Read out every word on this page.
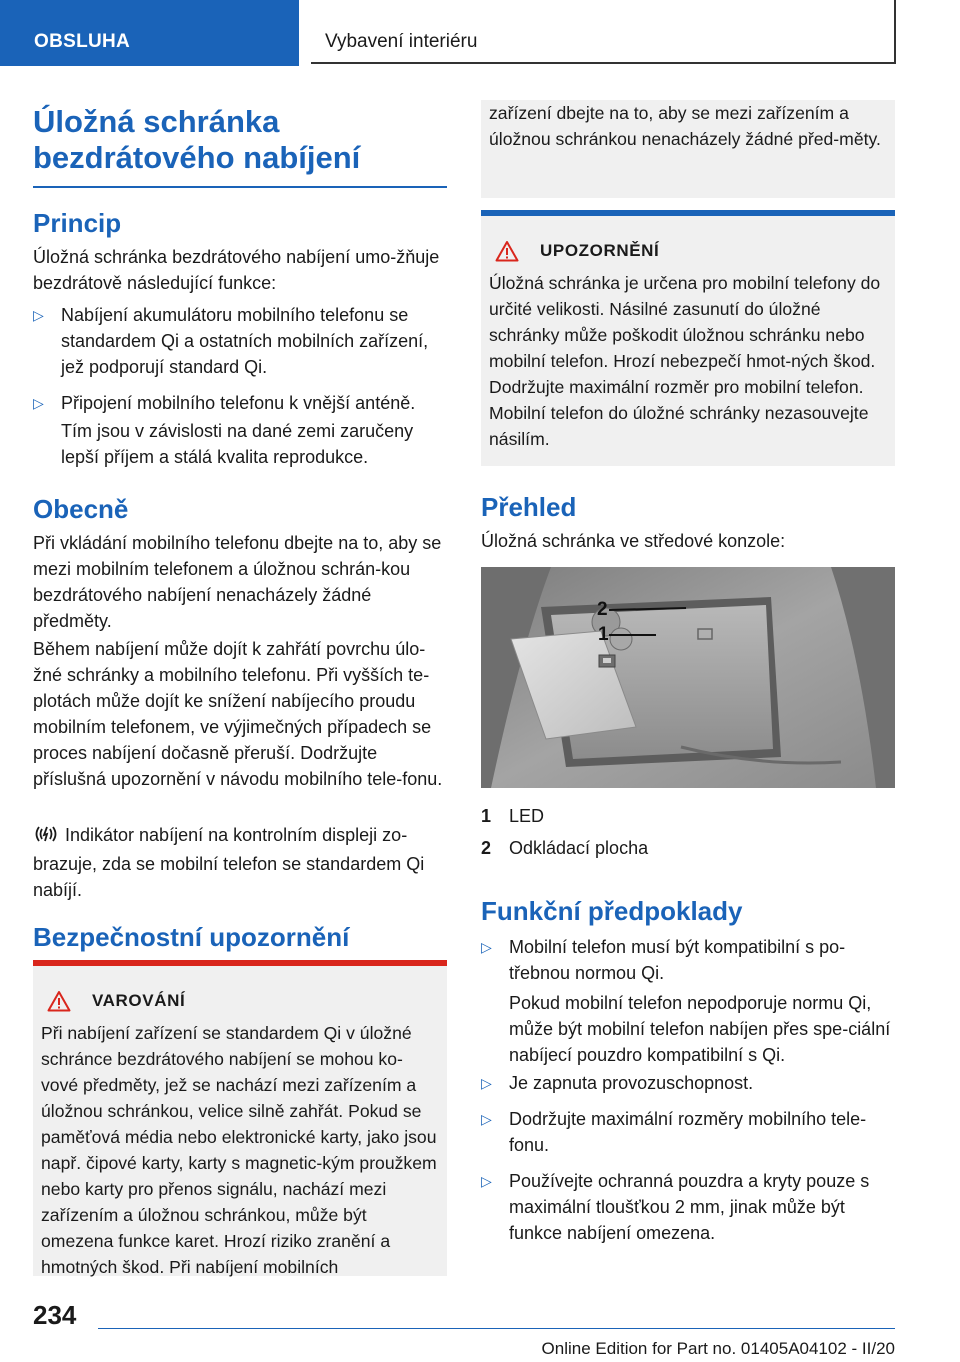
OBSLUHA	Vybavení interiéru
Úložná schránka
bezdrátového nabíjení
Princip

Úložná schránka bezdrátového nabíjení umo-žňuje bezdrátově následující funkce:

▷ Nabíjení akumulátoru mobilního telefonu se standardem Qi a ostatních mobilních zařízení, jež podporují standard Qi.
▷ Připojení mobilního telefonu k vnější anténě.
Tím jsou v závislosti na dané zemi zaručeny lepší příjem a stálá kvalita reprodukce.
Obecně

Při vkládání mobilního telefonu dbejte na to, aby se mezi mobilním telefonem a úložnou schrán-kou bezdrátového nabíjení nenacházely žádné předměty.

Během nabíjení může dojít k zahřátí povrchu úlo-žné schránky a mobilního telefonu. Při vyšších te-plotách může dojít ke snížení nabíjecího proudu mobilním telefonem, ve výjimečných případech se proces nabíjení dočasně přeruší. Dodržujte příslušná upozornění v návodu mobilního tele-fonu.

Indikátor nabíjení na kontrolním displeji zo-brazuje, zda se mobilní telefon se standardem Qi nabíjí.

Bezpečnostní upozornění
VAROVÁNÍ

Při nabíjení zařízení se standardem Qi v úložné schránce bezdrátového nabíjení se mohou ko-vové předměty, jež se nachází mezi zařízením a úložnou schránkou, velice silně zahřát. Pokud se paměťová média nebo elektronické karty, jako jsou např. čipové karty, karty s magnetic-kým proužkem nebo karty pro přenos signálu, nachází mezi zařízením a úložnou schránkou, může být omezena funkce karet. Hrozí riziko zranění a hmotných škod. Při nabíjení mobilních

zařízení dbejte na to, aby se mezi zařízením a úložnou schránkou nenacházely žádné před-měty.

UPOZORNĚNÍ

Úložná schránka je určena pro mobilní telefony do určité velikosti. Násilné zasunutí do úložné schránky může poškodit úložnou schránku nebo mobilní telefon. Hrozí nebezpečí hmot-ných škod. Dodržujte maximální rozměr pro mobilní telefon. Mobilní telefon do úložné schránky nezasouvejte násilím.

Přehled

Úložná schránka ve středové konzole:

2
1
1 LED
2 Odkládací plocha
Funkční předpoklady
▷ Mobilní telefon musí být kompatibilní s po-třebnou normou Qi.
Pokud mobilní telefon nepodporuje normu Qi, může být mobilní telefon nabíjen přes spe-ciální nabíjecí pouzdro kompatibilní s Qi.
▷ Je zapnuta provozuschopnost.
▷ Dodržujte maximální rozměry mobilního tele-fonu.
▷ Používejte ochranná pouzdra a kryty pouze s maximální tloušťkou 2 mm, jinak může být funkce nabíjení omezena.
234
Online Edition for Part no. 01405A04102 - II/20
